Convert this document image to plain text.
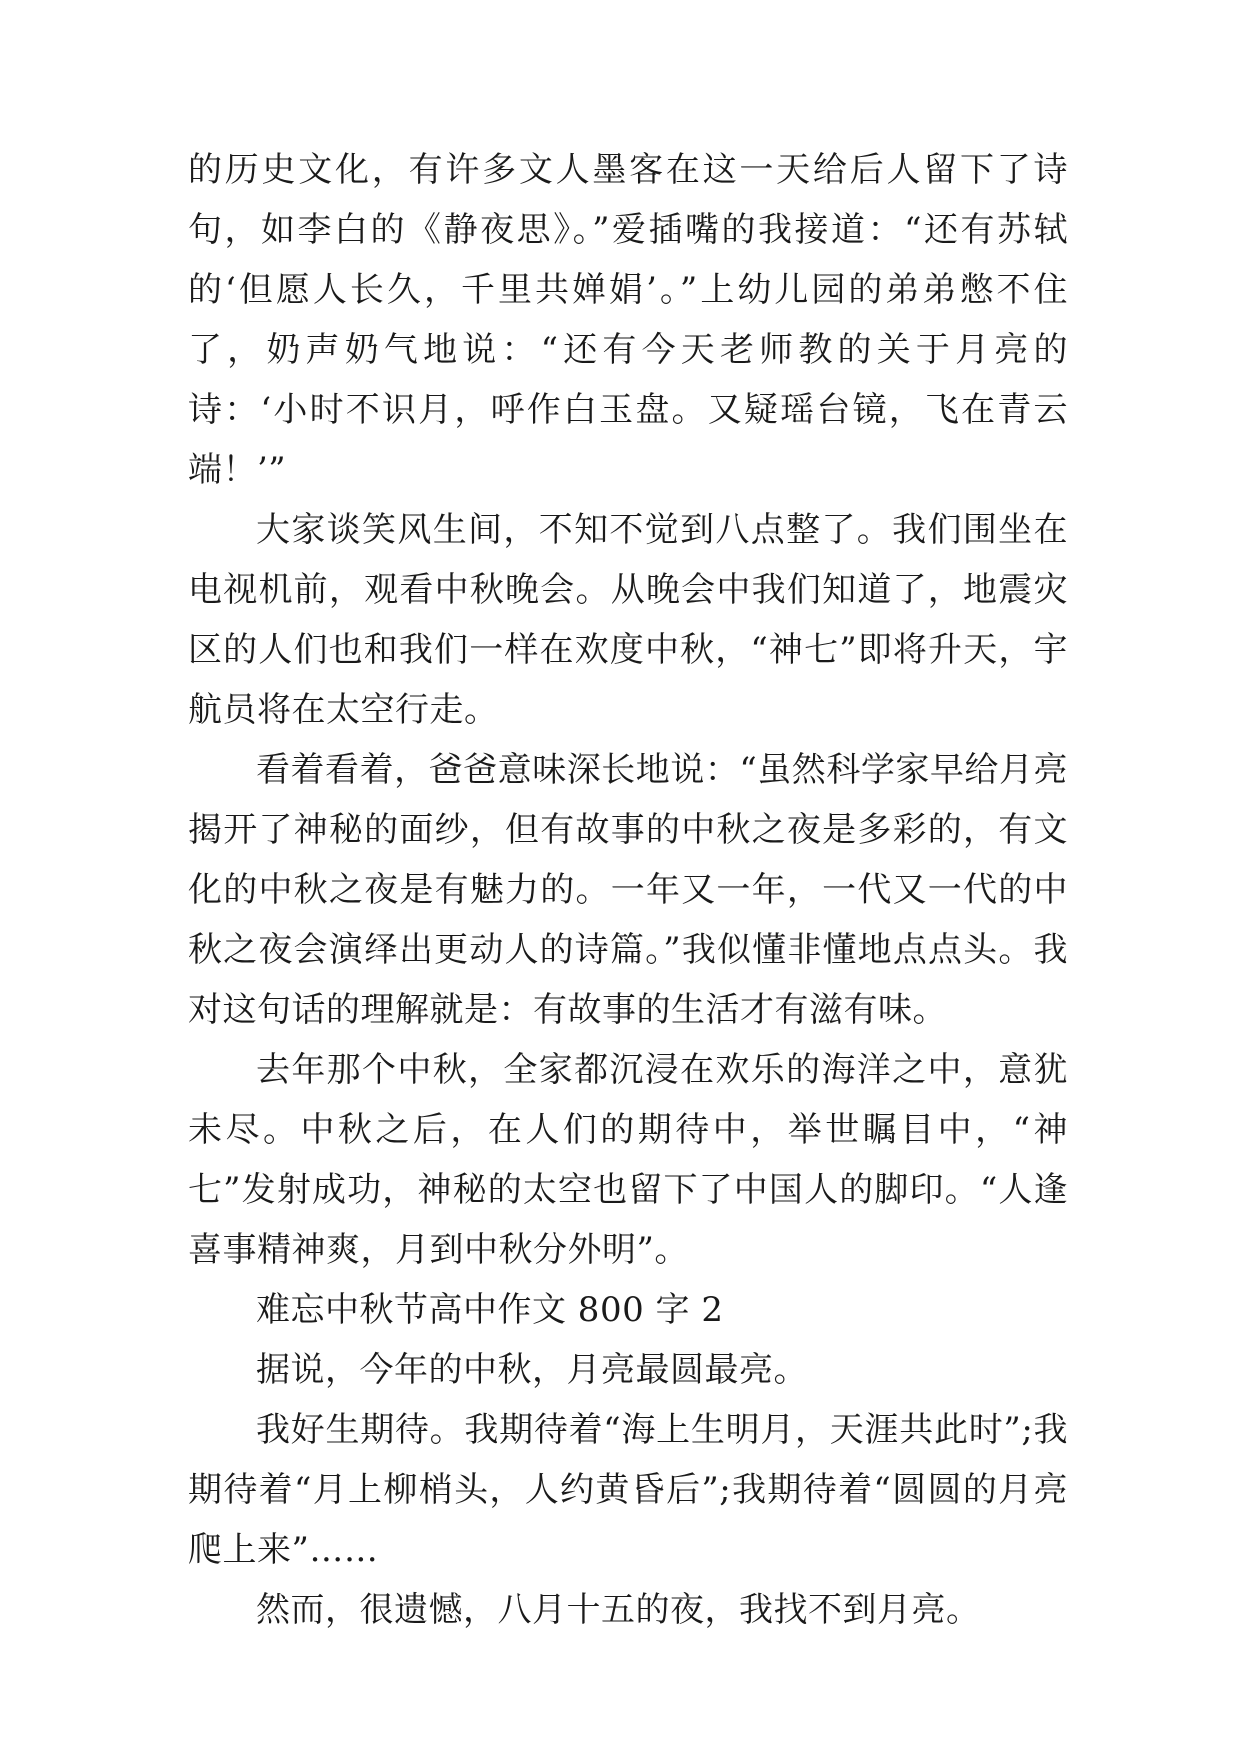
的历史文化，有许多文人墨客在这一天给后人留下了诗句，如李白的《静夜思》。”爱插嘴的我接道：“还有苏轼的‘但愿人长久，千里共婵娟’。”上幼儿园的弟弟憋不住了，奶声奶气地说：“还有今天老师教的关于月亮的诗：‘小时不识月，呼作白玉盘。又疑瑶台镜，飞在青云端！’”

大家谈笑风生间，不知不觉到八点整了。我们围坐在电视机前，观看中秋晚会。从晚会中我们知道了，地震灾区的人们也和我们一样在欢度中秋，“神七”即将升天，宇航员将在太空行走。

看着看着，爸爸意味深长地说：“虽然科学家早给月亮揭开了神秘的面纱，但有故事的中秋之夜是多彩的，有文化的中秋之夜是有魅力的。一年又一年，一代又一代的中秋之夜会演绎出更动人的诗篇。”我似懂非懂地点点头。我对这句话的理解就是：有故事的生活才有滋有味。

去年那个中秋，全家都沉浸在欢乐的海洋之中，意犹未尽。中秋之后，在人们的期待中，举世瞩目中，“神七”发射成功，神秘的太空也留下了中国人的脚印。“人逢喜事精神爽，月到中秋分外明”。

难忘中秋节高中作文 800 字 2

据说，今年的中秋，月亮最圆最亮。

我好生期待。我期待着“海上生明月，天涯共此时”;我期待着“月上柳梢头，人约黄昏后”;我期待着“圆圆的月亮爬上来”……

然而，很遗憾，八月十五的夜，我找不到月亮。
